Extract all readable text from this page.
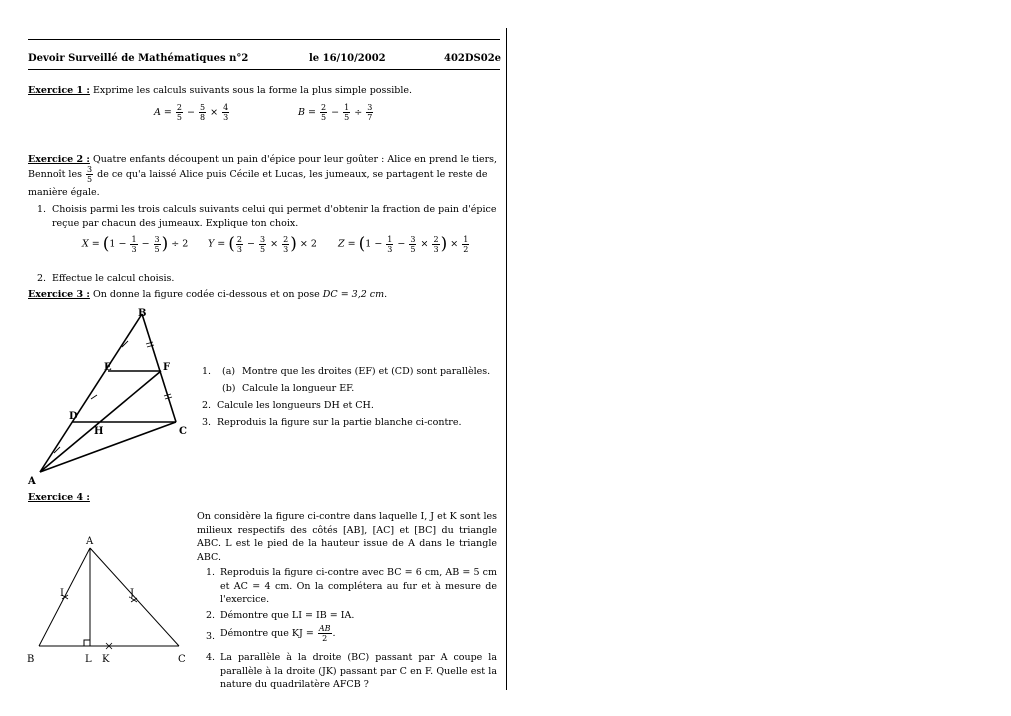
Devoir Surveillé de Mathématiques n°2	le 16/10/2002	402DS02e
Exercice 1 : Exprime les calculs suivants sous la forme la plus simple possible.
$A = \frac{2}{5} - \frac{5}{8} \times \frac{4}{3}$	$B = \frac{2}{5} - \frac{1}{5} \div \frac{3}{7}$
Exercice 2 : Quatre enfants découpent un pain d'épice pour leur goûter : Alice en prend le tiers,
Bennoît les $\frac{3}{5}$ de ce qu'a laissé Alice puis Cécile et Lucas, les jumeaux, se partagent le reste de
manière égale.
1. Choisis parmi les trois calculs suivants celui qui permet d'obtenir la fraction de pain d'épice reçue par chacun des jumeaux. Explique ton choix.
$X = (1 - \frac{1}{3} - \frac{3}{5}$ ) ÷ 2 Y = ( $\frac{2}{3} - \frac{3}{5} \times \frac{2}{3}$ ) × 2 $Z = (1 - \frac{1}{3} - \frac{3}{5} \times \frac{2}{3}$ ) × $\frac{1}{2}$
2. Effectue le calcul choisis.
Exercice 3 : On donne la figure codée ci-dessous et on pose DC = 3,2 cm.
B
E	F
D
H	C
A
1. (a) Montre que les droites (EF) et (CD) sont parallèles.
(b) Calcule la longueur EF.
2. Calcule les longueurs DH et CH.
3. Reproduis la figure sur la partie blanche ci-contre.
Exercice 4 :
A
I	J
B	L K	C
On considère la figure ci-contre dans laquelle I, J et K sont les milieux respectifs des côtés [AB], [AC] et [BC] du triangle ABC. L est le pied de la hauteur issue de A dans le triangle ABC.
1. Reproduis la figure ci-contre avec BC = 6 cm, AB = 5 cm et AC = 4 cm. On la complétera au fur et à mesure de l'exercice.
2. Démontre que LI = IB = IA.
3. Démontre que KJ = $\frac{AB}{2}$ .
4. La parallèle à la droite (BC) passant par A coupe la parallèle à la droite (JK) passant par C en F. Quelle est la nature du quadrilatère AFCB ?
